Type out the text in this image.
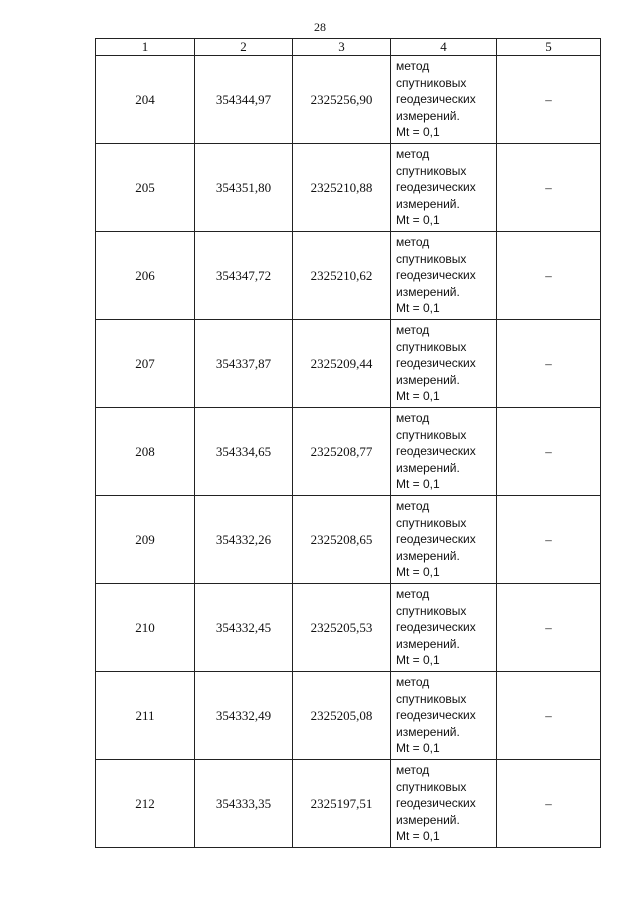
28
1	2	3	4	5
204	354344,97	2325256,90	метод
спутниковых
геодезических
измерений.
Mt = 0,1	–
205	354351,80	2325210,88	метод
спутниковых
геодезических
измерений.
Mt = 0,1	–
206	354347,72	2325210,62	метод
спутниковых
геодезических
измерений.
Mt = 0,1	–
207	354337,87	2325209,44	метод
спутниковых
геодезических
измерений.
Mt = 0,1	–
208	354334,65	2325208,77	метод
спутниковых
геодезических
измерений.
Mt = 0,1	–
209	354332,26	2325208,65	метод
спутниковых
геодезических
измерений.
Mt = 0,1	–
210	354332,45	2325205,53	метод
спутниковых
геодезических
измерений.
Mt = 0,1	–
211	354332,49	2325205,08	метод
спутниковых
геодезических
измерений.
Mt = 0,1	–
212	354333,35	2325197,51	метод
спутниковых
геодезических
измерений.
Mt = 0,1	–
